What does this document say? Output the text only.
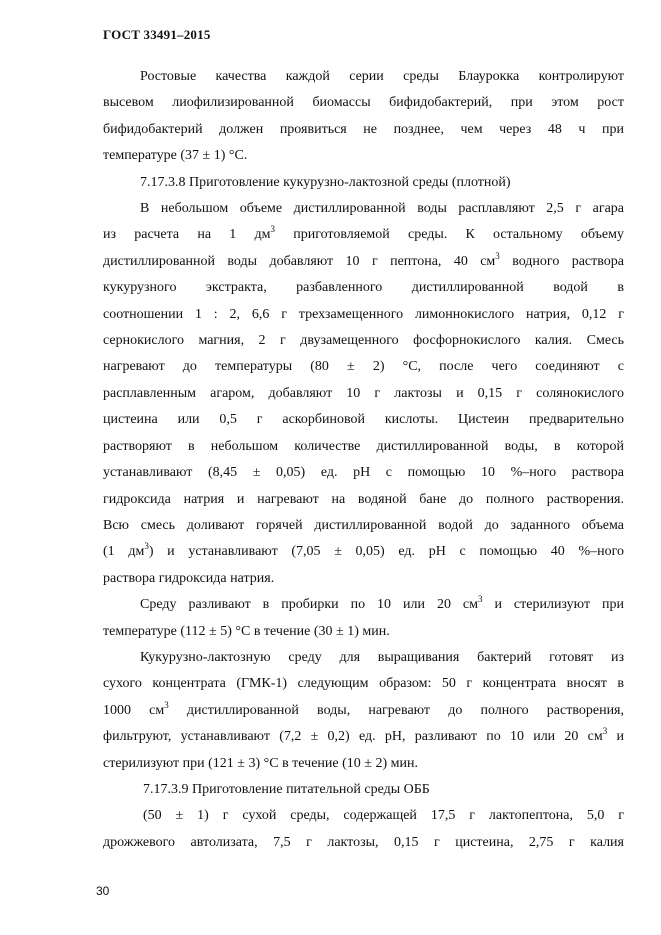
ГОСТ 33491–2015

Ростовые качества каждой серии среды Блаурокка контролируют

высевом лиофилизированной биомассы бифидобактерий, при этом рост

бифидобактерий должен проявиться не позднее, чем через 48 ч при

температуре (37 ± 1) °С.

7.17.3.8 Приготовление кукурузно-лактозной среды (плотной)

В небольшом объеме дистиллированной воды расплавляют 2,5 г агара

из расчета на 1 $дм^3$ приготовляемой среды. К остальному объему

дистиллированной воды добавляют 10 г пептона, 40 $см^3$ водного раствора

кукурузного экстракта, разбавленного дистиллированной водой в

соотношении 1 : 2, 6,6 г трехзамещенного лимоннокислого натрия, 0,12 г

сернокислого магния, 2 г двузамещенного фосфорнокислого калия. Смесь

нагревают до температуры (80 ± 2) °С, после чего соединяют с

расплавленным агаром, добавляют 10 г лактозы и 0,15 г солянокислого

цистеина или 0,5 г аскорбиновой кислоты. Цистеин предварительно

растворяют в небольшом количестве дистиллированной воды, в которой

устанавливают (8,45 ± 0,05) ед. рН с помощью 10 %–ного раствора

гидроксида натрия и нагревают на водяной бане до полного растворения.

Всю смесь доливают горячей дистиллированной водой до заданного объема

(1 $дм^3$) и устанавливают (7,05 ± 0,05) ед. рН с помощью 40 %–ного

раствора гидроксида натрия.

Среду разливают в пробирки по 10 или 20 $см^3$ и стерилизуют при

температуре (112 ± 5) °С в течение (30 ± 1) мин.

Кукурузно-лактозную среду для выращивания бактерий готовят из

сухого концентрата (ГМК-1) следующим образом: 50 г концентрата вносят в

1000 $см^3$ дистиллированной воды, нагревают до полного растворения,

фильтруют, устанавливают (7,2 ± 0,2) ед. рН, разливают по 10 или 20 $см^3$ и

стерилизуют при (121 ± 3) °С в течение (10 ± 2) мин.

7.17.3.9 Приготовление питательной среды ОББ

(50 ± 1) г сухой среды, содержащей 17,5 г лактопептона, 5,0 г

дрожжевого автолизата, 7,5 г лактозы, 0,15 г цистеина, 2,75 г калия

30
